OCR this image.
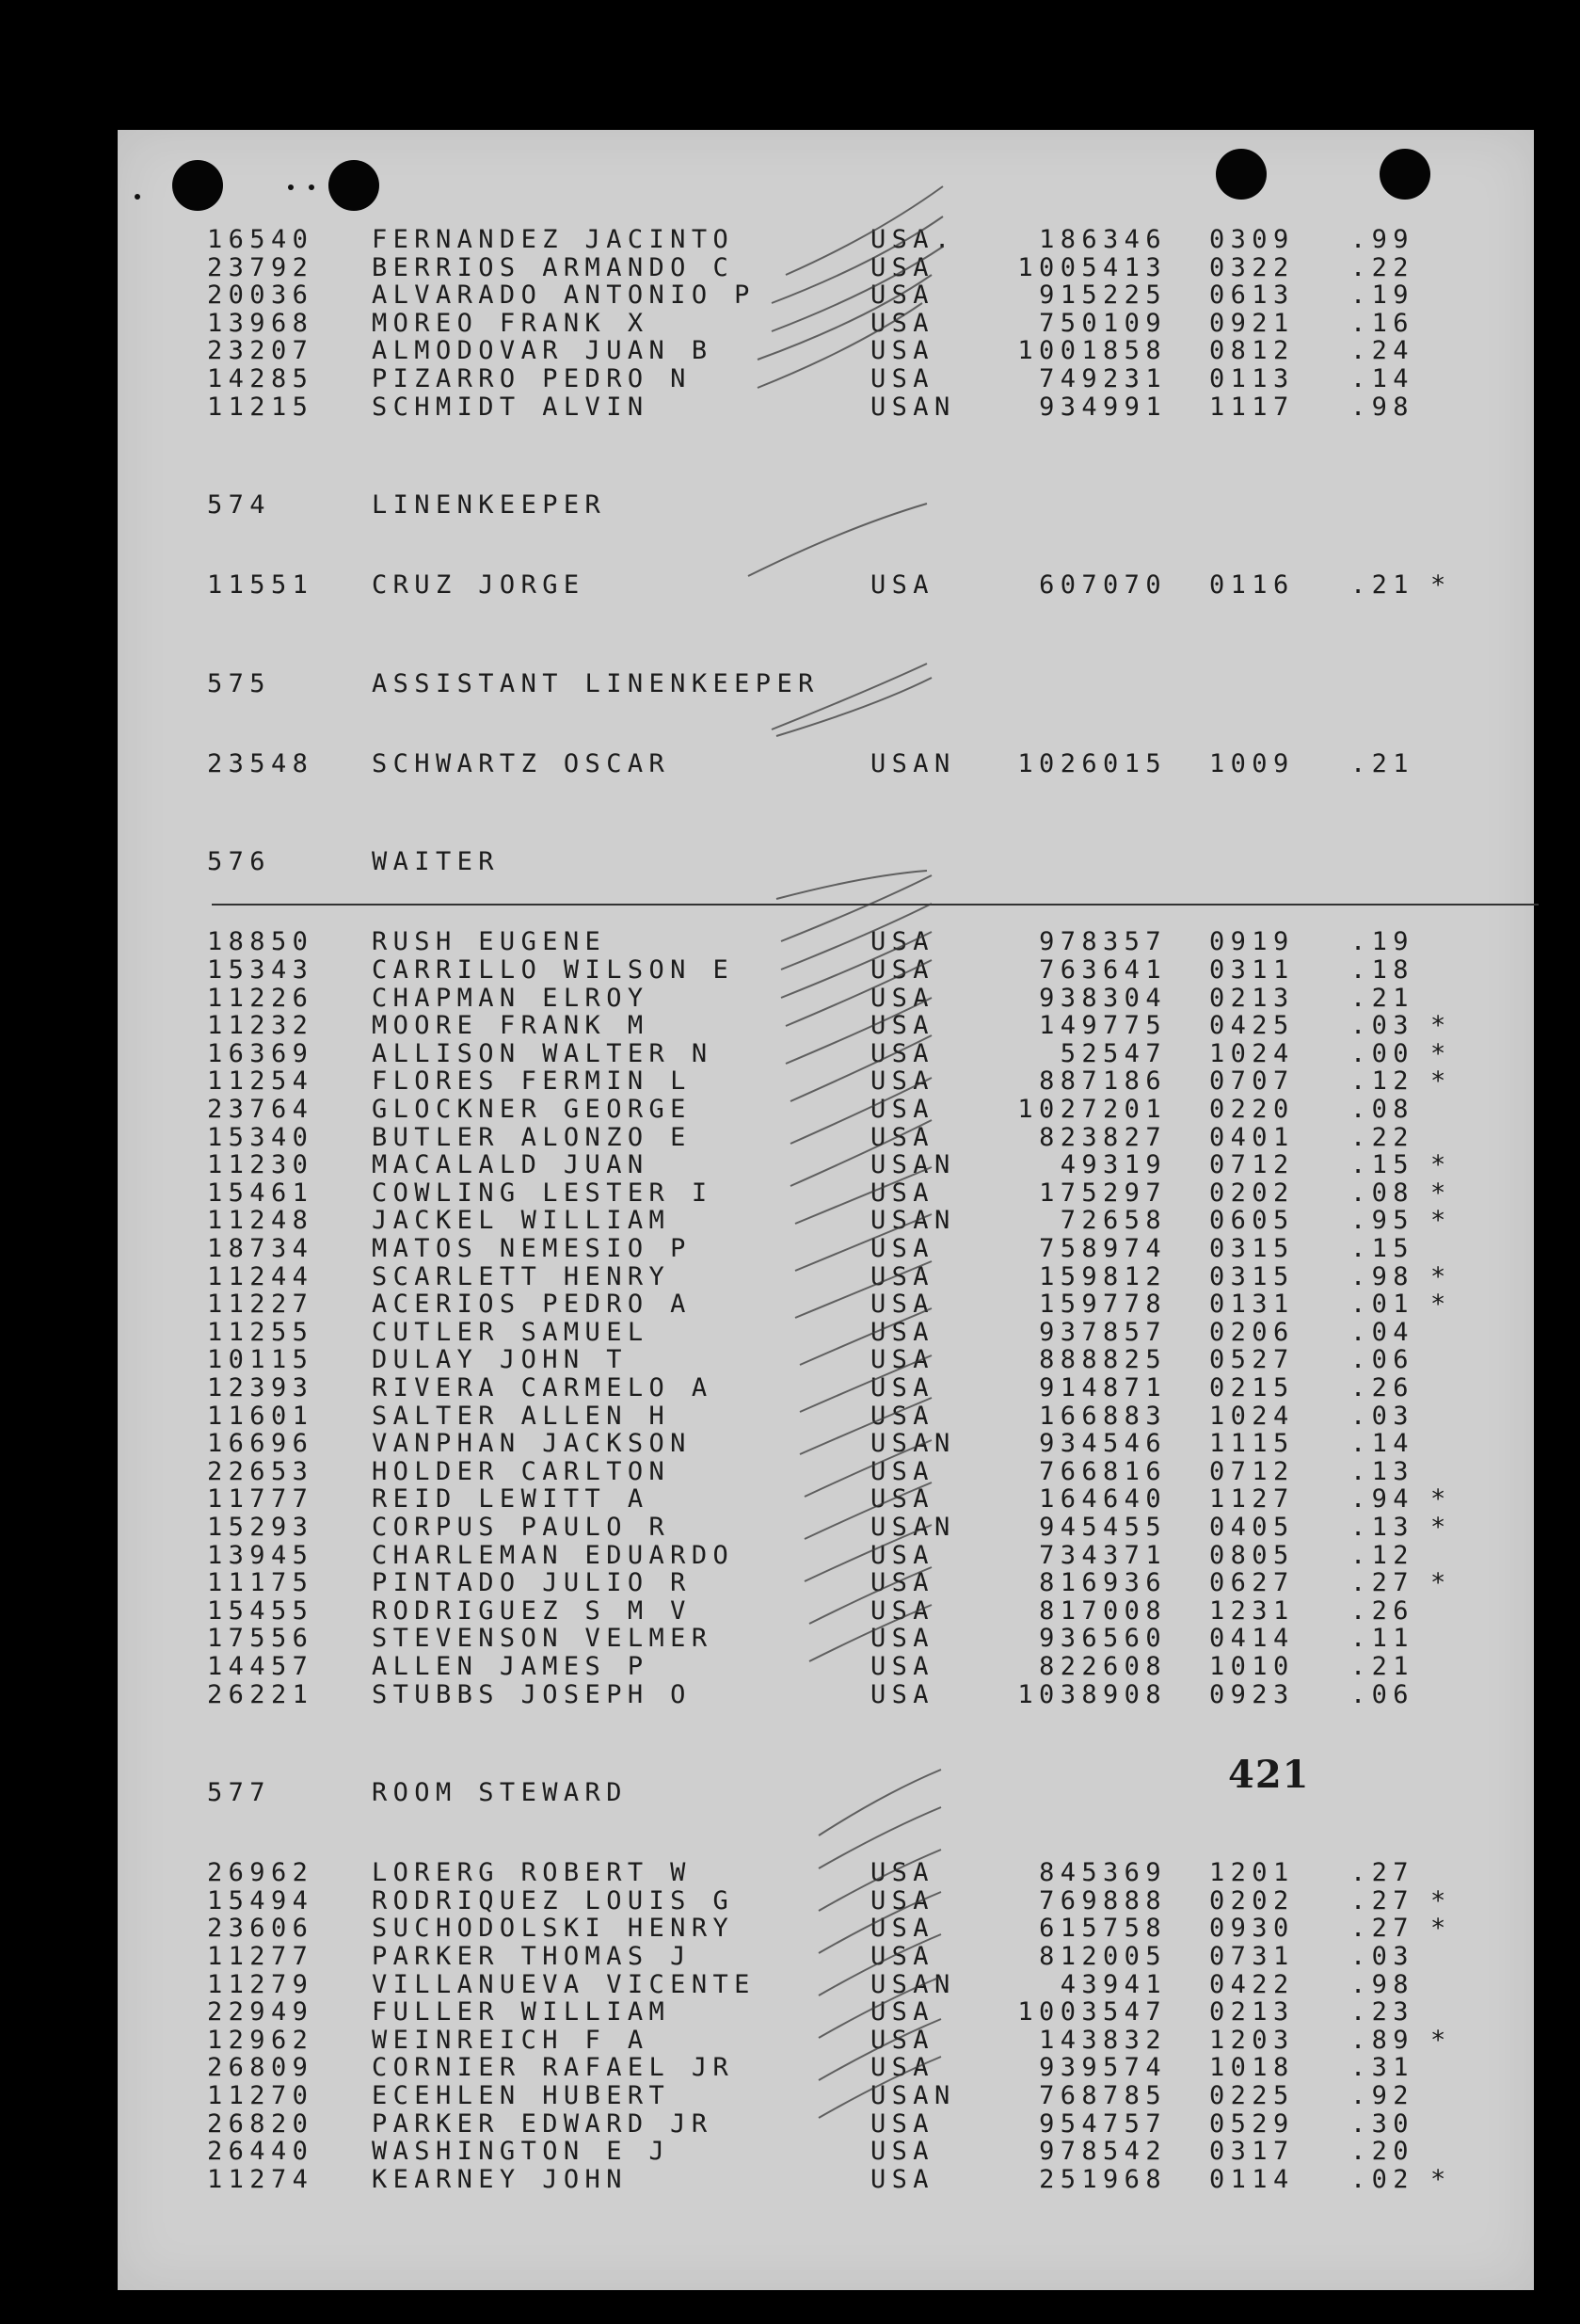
16540 FERNANDEZ JACINTO	USA.	186346 0309 .99
23792 BERRIOS ARMANDO C	USA	1005413 0322 .22
20036 ALVARADO ANTONIO P	USA	915225 0613 .19
13968 MOREO FRANK X	USA	750109 0921 .16
23207 ALMODOVAR JUAN B	USA	1001858 0812 .24
14285 PIZARRO PEDRO N	USA	749231 0113 .14
11215 SCHMIDT ALVIN	USAN	934991 1117 .98
574	LINENKEEPER
11551 CRUZ JORGE	USA	607070 0116 .21 *
575	ASSISTANT LINENKEEPER
23548 SCHWARTZ OSCAR	USAN	1026015 1009 .21
576	WAITER
18850 RUSH EUGENE	USA	978357 0919 .19
15343 CARRILLO WILSON E	USA	763641 0311 .18
11226 CHAPMAN ELROY	USA	938304 0213 .21
11232 MOORE FRANK M	USA	149775 0425 .03 *
16369 ALLISON WALTER N	USA	52547 1024 .00 *
11254 FLORES FERMIN L	USA	887186 0707 .12 *
23764 GLOCKNER GEORGE	USA	1027201 0220 .08
15340 BUTLER ALONZO E	USA	823827 0401 .22
11230 MACALALD JUAN	USAN	49319 0712 .15 *
15461 COWLING LESTER I	USA	175297 0202 .08 *
11248 JACKEL WILLIAM	USAN	72658 0605 .95 *
18734 MATOS NEMESIO P	USA	758974 0315 .15
11244 SCARLETT HENRY	USA	159812 0315 .98 *
11227 ACERIOS PEDRO A	USA	159778 0131 .01 *
11255 CUTLER SAMUEL	USA	937857 0206 .04
10115 DULAY JOHN T	USA	888825 0527 .06
12393 RIVERA CARMELO A	USA	914871 0215 .26
11601 SALTER ALLEN H	USA	166883 1024 .03
16696 VANPHAN JACKSON	USAN	934546 1115 .14
22653 HOLDER CARLTON	USA	766816 0712 .13
11777 REID LEWITT A	USA	164640 1127 .94 *
15293 CORPUS PAULO R	USAN	945455 0405 .13 *
13945 CHARLEMAN EDUARDO	USA	734371 0805 .12
11175 PINTADO JULIO R	USA	816936 0627 .27 *
15455 RODRIGUEZ S M V	USA	817008 1231 .26
17556 STEVENSON VELMER	USA	936560 0414 .11
14457 ALLEN JAMES P	USA	822608 1010 .21
26221 STUBBS JOSEPH O	USA	1038908 0923 .06
577	ROOM STEWARD
26962 LORERG ROBERT W	USA	845369 1201 .27
15494 RODRIQUEZ LOUIS G	USA	769888 0202 .27 *
23606 SUCHODOLSKI HENRY	USA	615758 0930 .27 *
11277 PARKER THOMAS J	USA	812005 0731 .03
11279 VILLANUEVA VICENTE	USAN	43941 0422 .98
22949 FULLER WILLIAM	USA	1003547 0213 .23
12962 WEINREICH F A	USA	143832 1203 .89 *
26809 CORNIER RAFAEL JR	USA	939574 1018 .31
11270 ECEHLEN HUBERT	USAN	768785 0225 .92
26820 PARKER EDWARD JR	USA	954757 0529 .30
26440 WASHINGTON E J	USA	978542 0317 .20
11274 KEARNEY JOHN	USA	251968 0114 .02 *
421
